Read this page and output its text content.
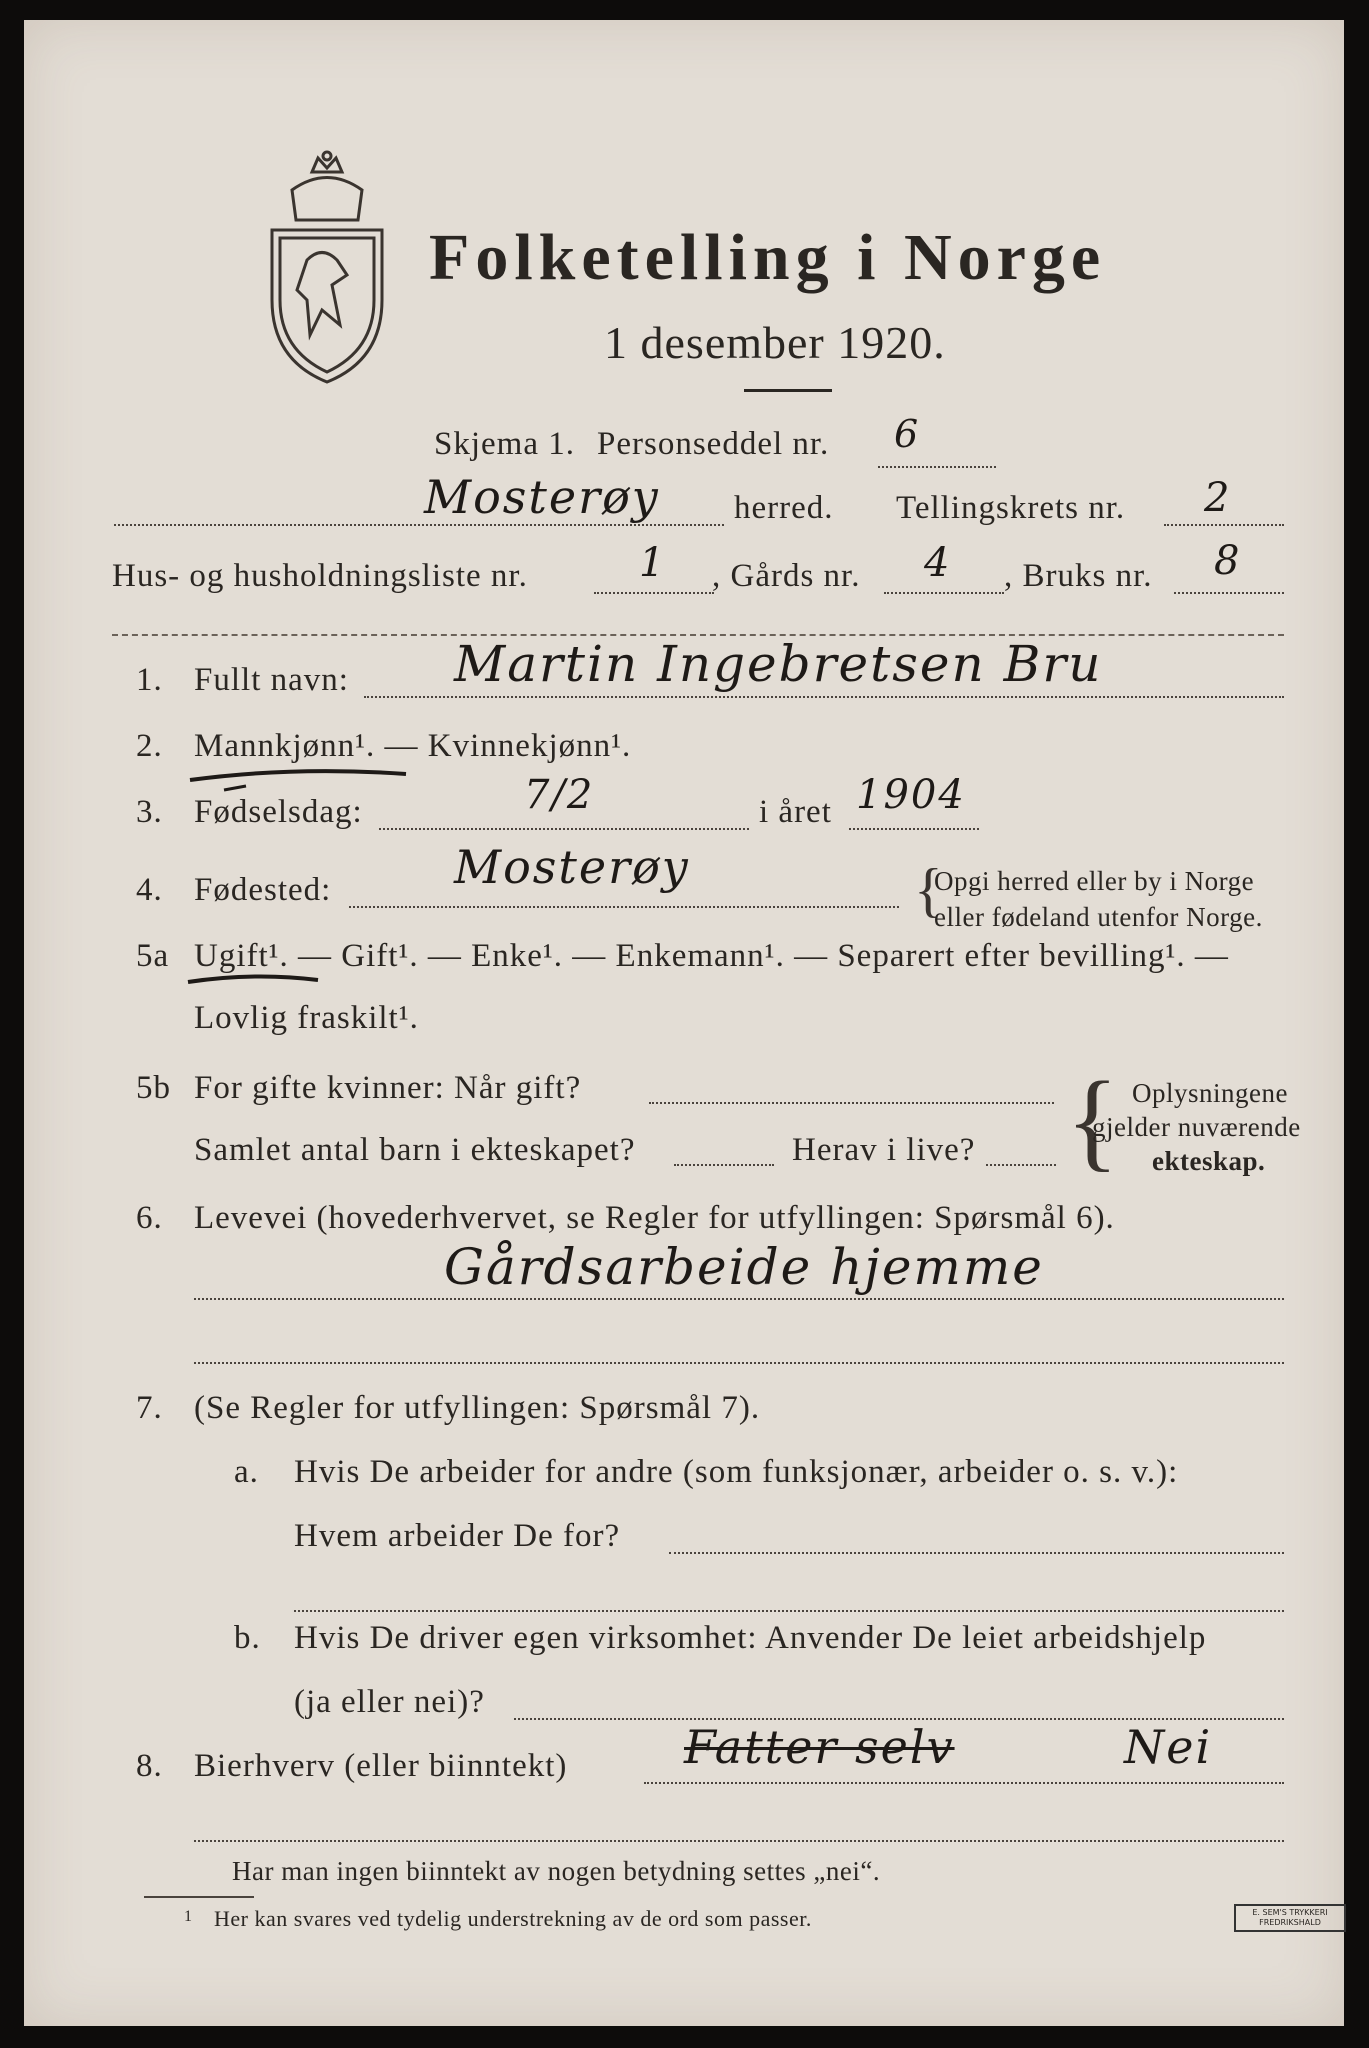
Folketelling i Norge
1 desember 1920.
Skjema 1. Personseddel nr. 6
Mosterøy herred. Tellingskrets nr. 2
Hus- og husholdningsliste nr.	1 , Gårds nr. 4 , Bruks nr. 8
1. Fullt navn: Martin Ingebretsen Bru
2. Mannkjønn¹. — Kvinnekjønn¹.
3. Fødselsdag:	7/2	i året 1904
4. Fødested:	Mosterøy	{
Opgi herred eller by i Norge
eller fødeland utenfor Norge.
5a Ugift¹. — Gift¹. — Enke¹. — Enkemann¹. — Separert efter bevilling¹. —
Lovlig fraskilt¹.
5b For gifte kvinner: Når gift?
Samlet antal barn i ekteskapet?	Herav i live? { Oplysningene
gjelder nuværende
ekteskap.
6. Levevei (hovederhvervet, se Regler for utfyllingen: Spørsmål 6).
Gårdsarbeide hjemme
7. (Se Regler for utfyllingen: Spørsmål 7).
a. Hvis De arbeider for andre (som funksjonær, arbeider o. s. v.):
Hvem arbeider De for?
b. Hvis De driver egen virksomhet: Anvender De leiet arbeidshjelp
(ja eller nei)?
8. Bierhverv (eller biinntekt)	Fatter selv	Nei
Har man ingen biinntekt av nogen betydning settes „nei“.
1 Her kan svares ved tydelig understrekning av de ord som passer.	E. SEM'S TRYKKERI
FREDRIKSHALD
